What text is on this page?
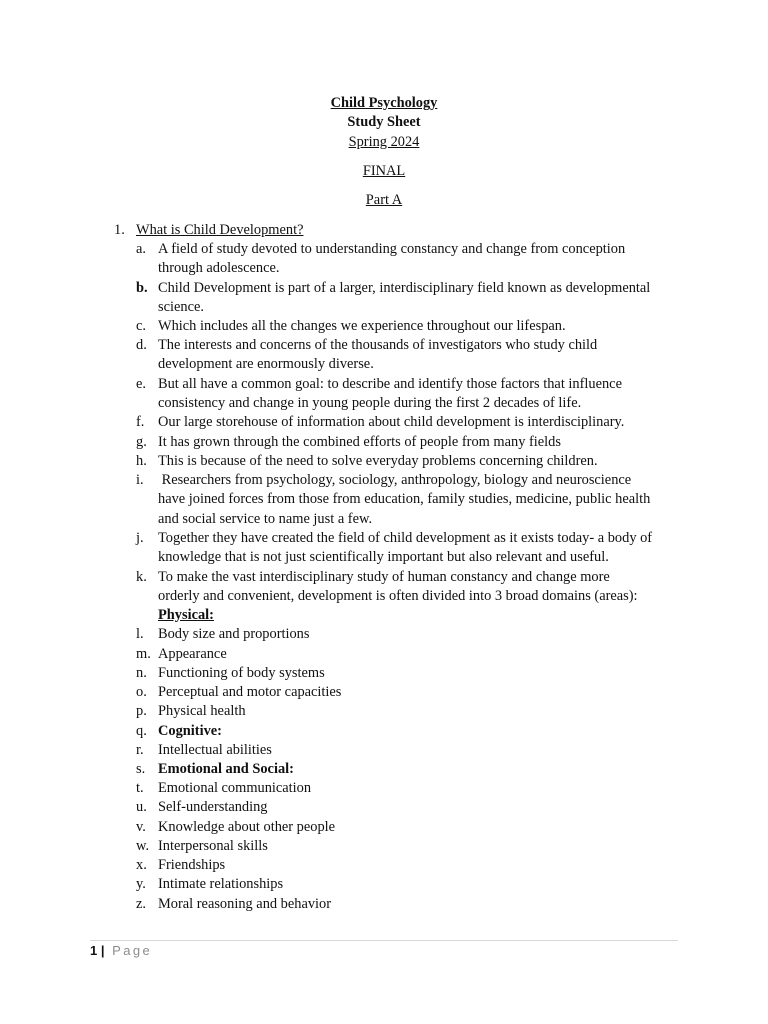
Child Psychology
Study Sheet
Spring 2024
FINAL
Part A
1. What is Child Development?
a. A field of study devoted to understanding constancy and change from conception
through adolescence.
b. Child Development is part of a larger, interdisciplinary field known as developmental
science.
c. Which includes all the changes we experience throughout our lifespan.
d. The interests and concerns of the thousands of investigators who study child
development are enormously diverse.
e. But all have a common goal: to describe and identify those factors that influence
consistency and change in young people during the first 2 decades of life.
f. Our large storehouse of information about child development is interdisciplinary.
g. It has grown through the combined efforts of people from many fields
h. This is because of the need to solve everyday problems concerning children.
i. Researchers from psychology, sociology, anthropology, biology and neuroscience
have joined forces from those from education, family studies, medicine, public health
and social service to name just a few.
j. Together they have created the field of child development as it exists today- a body of
knowledge that is not just scientifically important but also relevant and useful.
k. To make the vast interdisciplinary study of human constancy and change more
orderly and convenient, development is often divided into 3 broad domains (areas):
Physical:
l. Body size and proportions
m. Appearance
n. Functioning of body systems
o. Perceptual and motor capacities
p. Physical health
q. Cognitive:
r. Intellectual abilities
s. Emotional and Social:
t. Emotional communication
u. Self-understanding
v. Knowledge about other people
w. Interpersonal skills
x. Friendships
y. Intimate relationships
z. Moral reasoning and behavior
1 | Page
